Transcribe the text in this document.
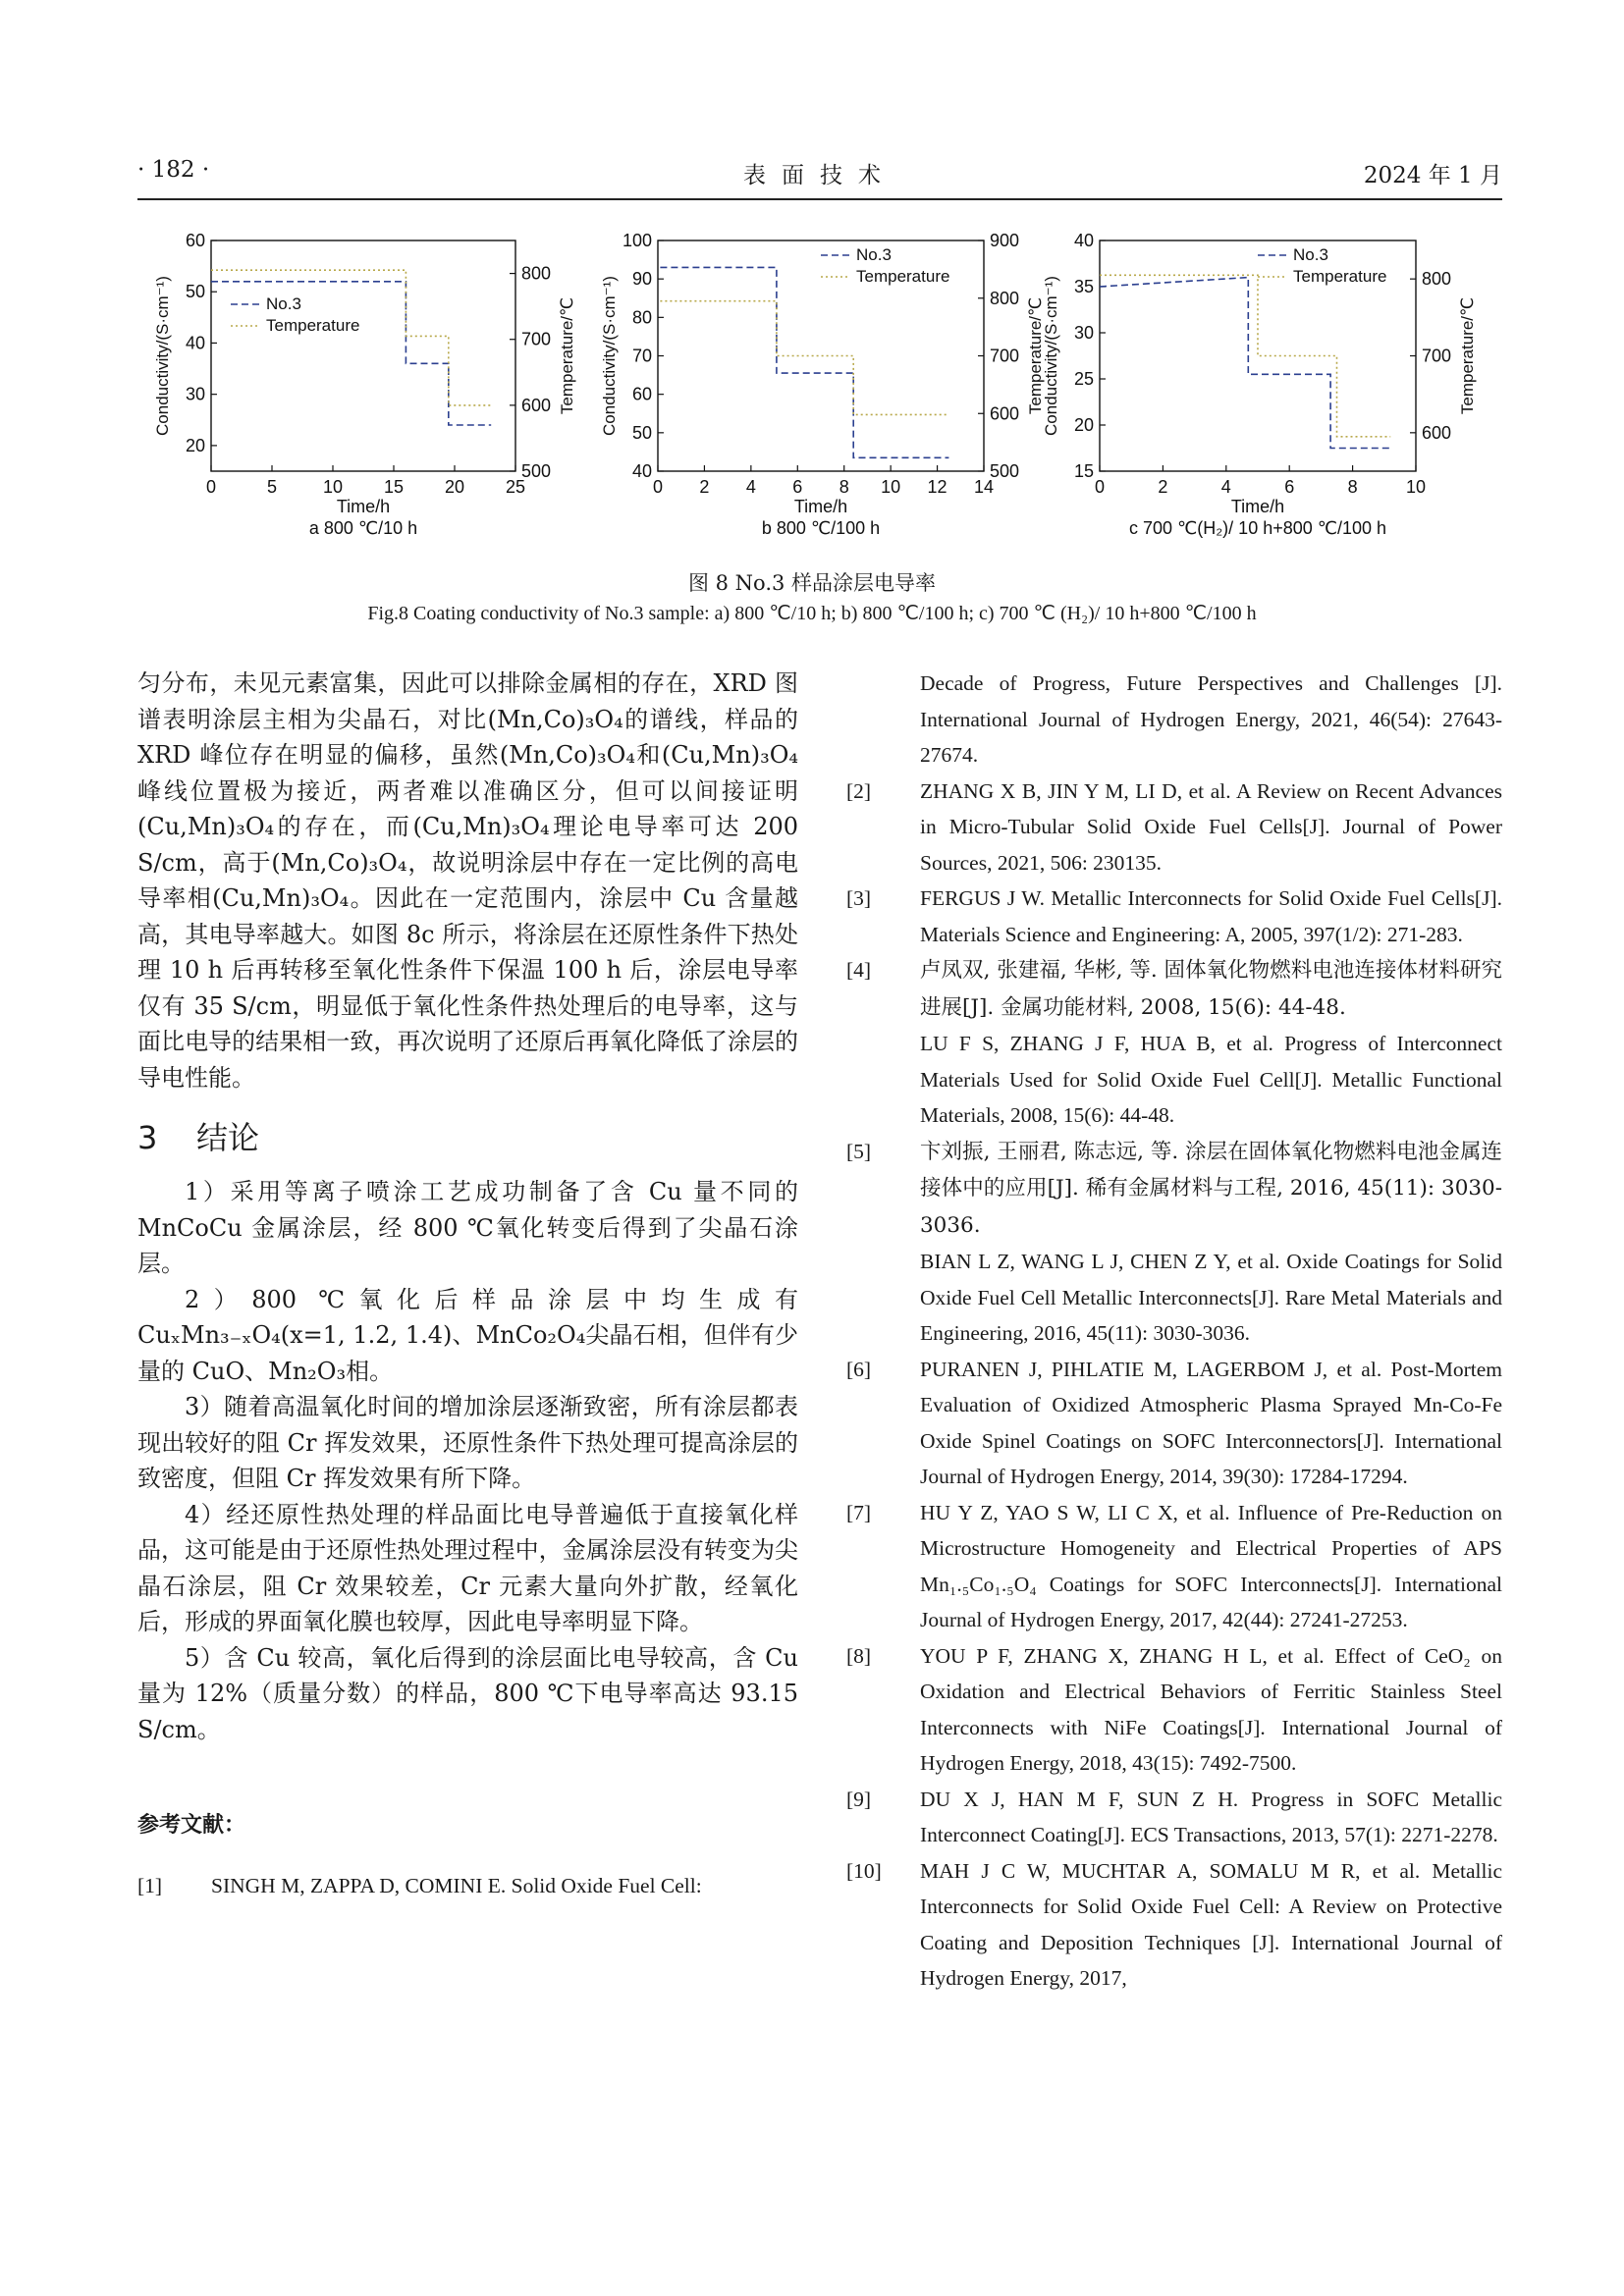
· 182 ·	表面技术	2024 年 1 月
0	5	10 15 20 25
20
30
40
50
60
500
600
700
800
Time/h
Conductivity/(S·cm⁻¹)	Temperature/℃
a 800 ℃/10 h
No.3
Temperature
0 2 4 6 8 10 12 14
40
50
60
70
80
90
100
500
600
700
800
900
Time/h
Conductivity/(S·cm⁻¹)	Temperature/℃
b 800 ℃/100 h
No.3
Temperature
0	2	4	6	8	10
15
20
25
30
35
40
600
700
800
Time/h
Conductivity/(S·cm⁻¹)	Temperature/℃
c 700 ℃(H₂)/ 10 h+800 ℃/100 h
No.3
Temperature
图 8 No.3 样品涂层电导率
Fig.8 Coating conductivity of No.3 sample: a) 800 ℃/10 h; b) 800 ℃/100 h; c) 700 ℃ (H₂)/ 10 h+800 ℃/100 h

匀分布，未见元素富集，因此可以排除金属相的存在，XRD 图谱表明涂层主相为尖晶石，对比(Mn,Co)₃O₄的谱线，样品的 XRD 峰位存在明显的偏移，虽然(Mn,Co)₃O₄和(Cu,Mn)₃O₄峰线位置极为接近，两者难以准确区分，但可以间接证明(Cu,Mn)₃O₄的存在，而(Cu,Mn)₃O₄理论电导率可达 200 S/cm，高于(Mn,Co)₃O₄，故说明涂层中存在一定比例的高电导率相(Cu,Mn)₃O₄。因此在一定范围内，涂层中 Cu 含量越高，其电导率越大。如图 8c 所示，将涂层在还原性条件下热处理 10 h 后再转移至氧化性条件下保温 100 h 后，涂层电导率仅有 35 S/cm，明显低于氧化性条件热处理后的电导率，这与面比电导的结果相一致，再次说明了还原后再氧化降低了涂层的导电性能。

3 结论

1）采用等离子喷涂工艺成功制备了含 Cu 量不同的 MnCoCu 金属涂层，经 800 ℃氧化转变后得到了尖晶石涂层。

2）800 ℃氧化后样品涂层中均生成有 CuₓMn₃₋ₓO₄(x=1, 1.2, 1.4)、MnCo₂O₄尖晶石相，但伴有少量的 CuO、Mn₂O₃相。

3）随着高温氧化时间的增加涂层逐渐致密，所有涂层都表现出较好的阻 Cr 挥发效果，还原性条件下热处理可提高涂层的致密度，但阻 Cr 挥发效果有所下降。

4）经还原性热处理的样品面比电导普遍低于直接氧化样品，这可能是由于还原性热处理过程中，金属涂层没有转变为尖晶石涂层，阻 Cr 效果较差，Cr 元素大量向外扩散，经氧化后，形成的界面氧化膜也较厚，因此电导率明显下降。

5）含 Cu 较高，氧化后得到的涂层面比电导较高，含 Cu 量为 12%（质量分数）的样品，800 ℃下电导率高达 93.15 S/cm。

参考文献：
[1] SINGH M, ZAPPA D, COMINI E. Solid Oxide Fuel Cell:
Decade of Progress, Future Perspectives and Challenges [J]. International Journal of Hydrogen Energy, 2021, 46(54): 27643-27674.
[2] ZHANG X B, JIN Y M, LI D, et al. A Review on Recent Advances in Micro-Tubular Solid Oxide Fuel Cells[J]. Journal of Power Sources, 2021, 506: 230135.
[3] FERGUS J W. Metallic Interconnects for Solid Oxide Fuel Cells[J]. Materials Science and Engineering: A, 2005, 397(1/2): 271-283.
[4] 卢凤双, 张建福, 华彬, 等. 固体氧化物燃料电池连接体材料研究进展[J]. 金属功能材料, 2008, 15(6): 44-48.
LU F S, ZHANG J F, HUA B, et al. Progress of Interconnect Materials Used for Solid Oxide Fuel Cell[J]. Metallic Functional Materials, 2008, 15(6): 44-48.
[5] 卞刘振, 王丽君, 陈志远, 等. 涂层在固体氧化物燃料电池金属连接体中的应用[J]. 稀有金属材料与工程, 2016, 45(11): 3030-3036.
BIAN L Z, WANG L J, CHEN Z Y, et al. Oxide Coatings for Solid Oxide Fuel Cell Metallic Interconnects[J]. Rare Metal Materials and Engineering, 2016, 45(11): 3030-3036.
[6] PURANEN J, PIHLATIE M, LAGERBOM J, et al. Post-Mortem Evaluation of Oxidized Atmospheric Plasma Sprayed Mn-Co-Fe Oxide Spinel Coatings on SOFC Interconnectors[J]. International Journal of Hydrogen Energy, 2014, 39(30): 17284-17294.
[7] HU Y Z, YAO S W, LI C X, et al. Influence of Pre-Reduction on Microstructure Homogeneity and Electrical Properties of APS Mn₁.₅Co₁.₅O₄ Coatings for SOFC Interconnects[J]. International Journal of Hydrogen Energy, 2017, 42(44): 27241-27253.
[8] YOU P F, ZHANG X, ZHANG H L, et al. Effect of CeO₂ on Oxidation and Electrical Behaviors of Ferritic Stainless Steel Interconnects with NiFe Coatings[J]. International Journal of Hydrogen Energy, 2018, 43(15): 7492-7500.
[9] DU X J, HAN M F, SUN Z H. Progress in SOFC Metallic Interconnect Coating[J]. ECS Transactions, 2013, 57(1): 2271-2278.
[10] MAH J C W, MUCHTAR A, SOMALU M R, et al. Metallic Interconnects for Solid Oxide Fuel Cell: A Review on Protective Coating and Deposition Techniques [J]. International Journal of Hydrogen Energy, 2017,
